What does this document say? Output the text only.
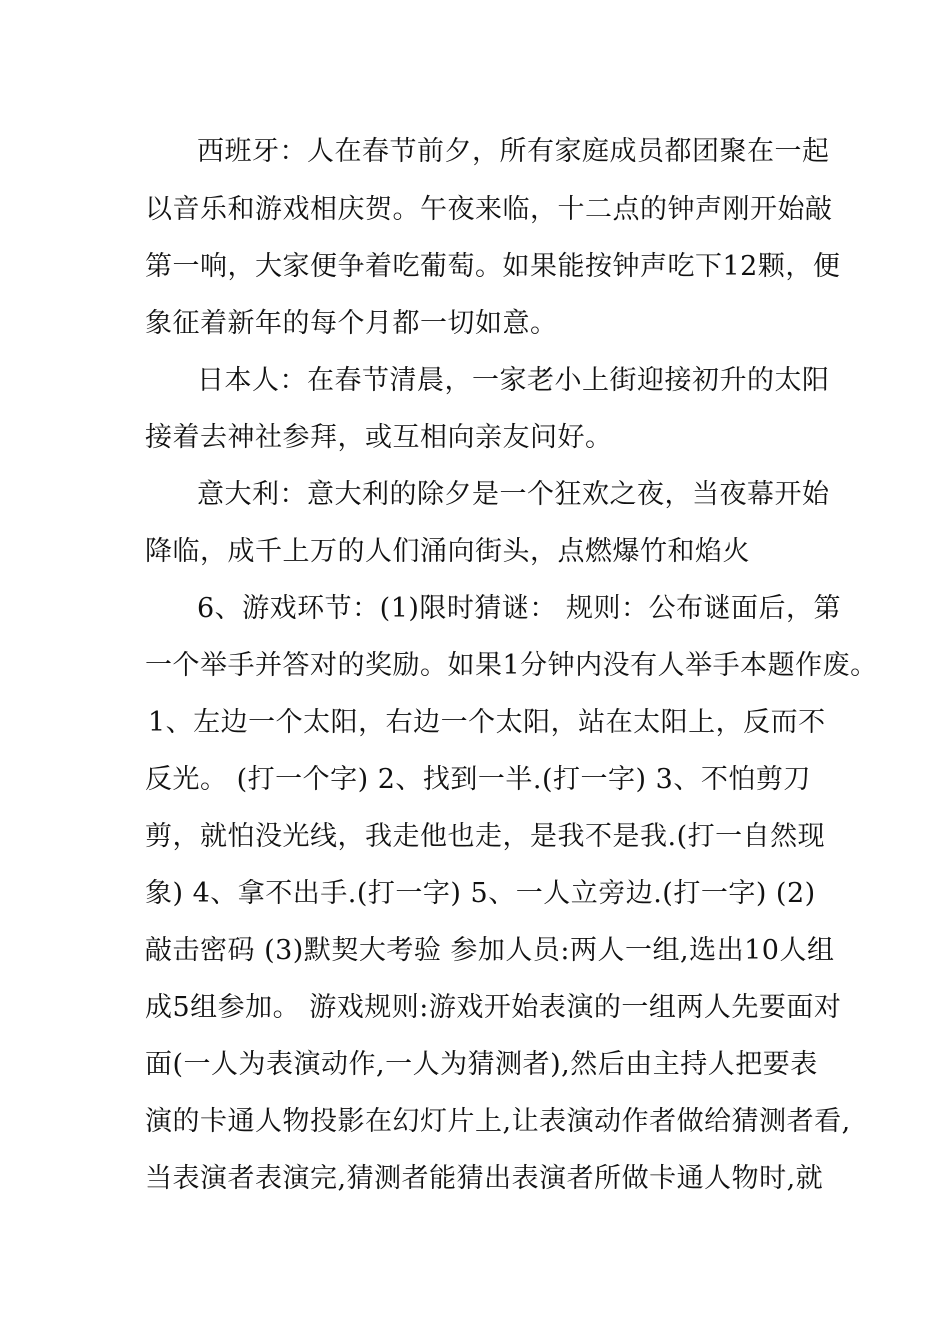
西班牙：人在春节前夕，所有家庭成员都团聚在一起
以音乐和游戏相庆贺。午夜来临，十二点的钟声刚开始敲
第一响，大家便争着吃葡萄。如果能按钟声吃下12颗，便
象征着新年的每个月都一切如意。
日本人：在春节清晨，一家老小上街迎接初升的太阳
接着去神社参拜，或互相向亲友问好。
意大利：意大利的除夕是一个狂欢之夜，当夜幕开始
降临，成千上万的人们涌向街头，点燃爆竹和焰火
6、游戏环节：(1)限时猜谜： 规则：公布谜面后，第
一个举手并答对的奖励。如果1分钟内没有人举手本题作废。
1、左边一个太阳，右边一个太阳，站在太阳上，反而不
反光。 (打一个字) 2、找到一半.(打一字) 3、不怕剪刀
剪，就怕没光线，我走他也走，是我不是我.(打一自然现
象) 4、拿不出手.(打一字) 5、一人立旁边.(打一字) (2)
敲击密码 (3)默契大考验 参加人员:两人一组,选出10人组
成5组参加。 游戏规则:游戏开始表演的一组两人先要面对
面(一人为表演动作,一人为猜测者),然后由主持人把要表
演的卡通人物投影在幻灯片上,让表演动作者做给猜测者看,
当表演者表演完,猜测者能猜出表演者所做卡通人物时,就
